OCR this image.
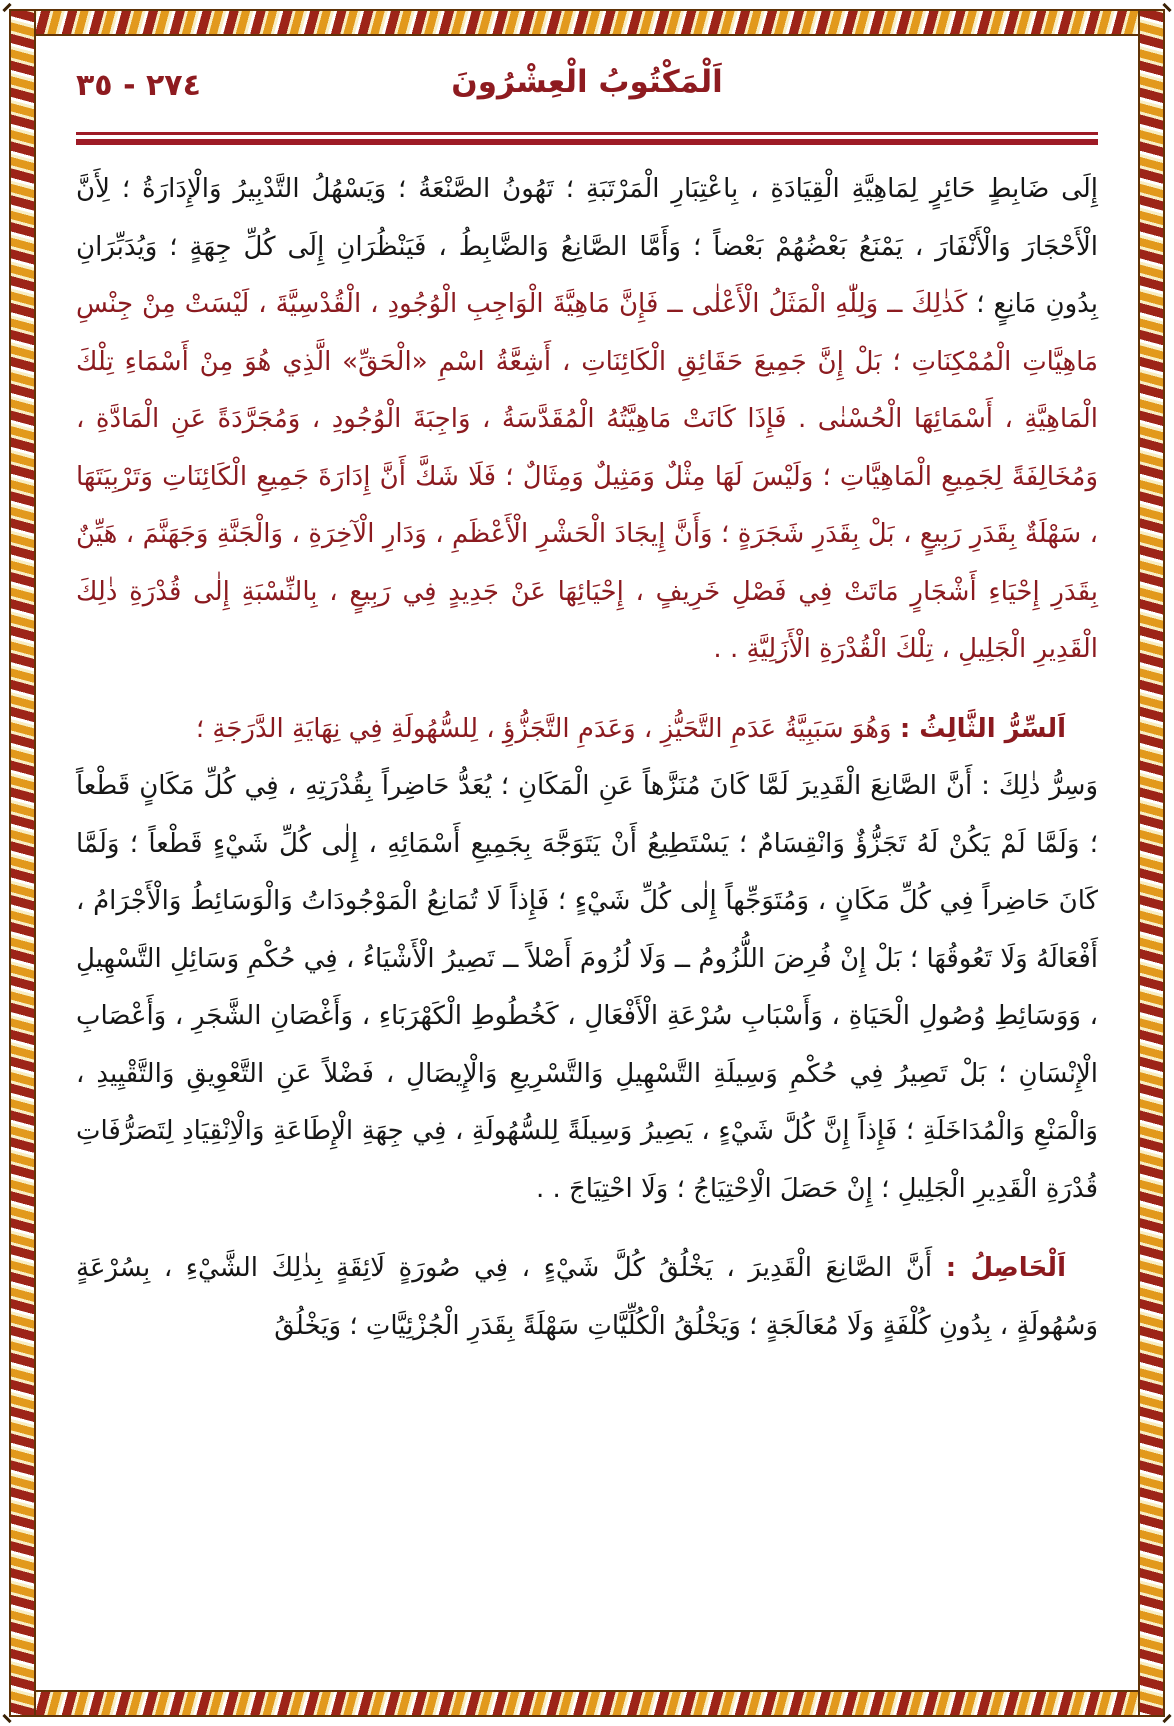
٢٧٤ - ٣٥	اَلْمَكْتُوبُ الْعِشْرُونَ

إِلَى ضَابِطٍ حَائِرٍ لِمَاهِيَّةِ الْقِيَادَةِ ، بِاعْتِبَارِ الْمَرْتَبَةِ ؛ تَهُونُ الصَّنْعَةُ ؛ وَيَسْهُلُ التَّدْبِيرُ وَالْإِدَارَةُ ؛ لِأَنَّ الْأَحْجَارَ وَالْأَنْفَارَ ، يَمْنَعُ بَعْضُهُمْ بَعْضاً ؛ وَأَمَّا الصَّانِعُ وَالضَّابِطُ ، فَيَنْظُرَانِ إِلَى كُلِّ جِهَةٍ ؛ وَيُدَبِّرَانِ بِدُونِ مَانِعٍ ؛ كَذٰلِكَ ــ وَلِلّٰهِ الْمَثَلُ الْأَعْلٰى ــ فَإِنَّ مَاهِيَّةَ الْوَاجِبِ الْوُجُودِ ، الْقُدْسِيَّةَ ، لَيْسَتْ مِنْ جِنْسِ مَاهِيَّاتِ الْمُمْكِنَاتِ ؛ بَلْ إِنَّ جَمِيعَ حَقَائِقِ الْكَائِنَاتِ ، أَشِعَّةُ اسْمِ «الْحَقِّ» الَّذِي هُوَ مِنْ أَسْمَاءِ تِلْكَ الْمَاهِيَّةِ ، أَسْمَائِهَا الْحُسْنٰى . فَإِذَا كَانَتْ مَاهِيَّتُهُ الْمُقَدَّسَةُ ، وَاجِبَةَ الْوُجُودِ ، وَمُجَرَّدَةً عَنِ الْمَادَّةِ ، وَمُخَالِفَةً لِجَمِيعِ الْمَاهِيَّاتِ ؛ وَلَيْسَ لَهَا مِثْلٌ وَمَثِيلٌ وَمِثَالٌ ؛ فَلَا شَكَّ أَنَّ إِدَارَةَ جَمِيعِ الْكَائِنَاتِ وَتَرْبِيَتَهَا ، سَهْلَةٌ بِقَدَرِ رَبِيعٍ ، بَلْ بِقَدَرِ شَجَرَةٍ ؛ وَأَنَّ إِيجَادَ الْحَشْرِ الْأَعْظَمِ ، وَدَارِ الْآخِرَةِ ، وَالْجَنَّةِ وَجَهَنَّمَ ، هَيِّنٌ بِقَدَرِ إِحْيَاءِ أَشْجَارٍ مَاتَتْ فِي فَصْلِ خَرِيفٍ ، إِحْيَائِهَا عَنْ جَدِيدٍ فِي رَبِيعٍ ، بِالنِّسْبَةِ إِلٰى قُدْرَةِ ذٰلِكَ الْقَدِيرِ الْجَلِيلِ ، تِلْكَ الْقُدْرَةِ الْأَزَلِيَّةِ . .

اَلسِّرُّ الثَّالِثُ : وَهُوَ سَبَبِيَّةُ عَدَمِ التَّحَيُّزِ ، وَعَدَمِ التَّجَزُّؤِ ، لِلسُّهُولَةِ فِي نِهَايَةِ الدَّرَجَةِ ؛

وَسِرُّ ذٰلِكَ : أَنَّ الصَّانِعَ الْقَدِيرَ لَمَّا كَانَ مُنَزَّهاً عَنِ الْمَكَانِ ؛ يُعَدُّ حَاضِراً بِقُدْرَتِهِ ، فِي كُلِّ مَكَانٍ قَطْعاً ؛ وَلَمَّا لَمْ يَكُنْ لَهُ تَجَزُّؤٌ وَانْقِسَامٌ ؛ يَسْتَطِيعُ أَنْ يَتَوَجَّهَ بِجَمِيعِ أَسْمَائِهِ ، إِلٰى كُلِّ شَيْءٍ قَطْعاً ؛ وَلَمَّا كَانَ حَاضِراً فِي كُلِّ مَكَانٍ ، وَمُتَوَجِّهاً إِلٰى كُلِّ شَيْءٍ ؛ فَإِذاً لَا تُمَانِعُ الْمَوْجُودَاتُ وَالْوَسَائِطُ وَالْأَجْرَامُ ، أَفْعَالَهُ وَلَا تَعُوقُهَا ؛ بَلْ إِنْ فُرِضَ اللُّزُومُ ــ وَلَا لُزُومَ أَصْلاً ــ تَصِيرُ الْأَشْيَاءُ ، فِي حُكْمِ وَسَائِلِ التَّسْهِيلِ ، وَوَسَائِطِ وُصُولِ الْحَيَاةِ ، وَأَسْبَابِ سُرْعَةِ الْأَفْعَالِ ، كَخُطُوطِ الْكَهْرَبَاءِ ، وَأَغْصَانِ الشَّجَرِ ، وَأَعْصَابِ الْإِنْسَانِ ؛ بَلْ تَصِيرُ فِي حُكْمِ وَسِيلَةِ التَّسْهِيلِ وَالتَّسْرِيعِ وَالْإِيصَالِ ، فَضْلاً عَنِ التَّعْوِيقِ وَالتَّقْيِيدِ ، وَالْمَنْعِ وَالْمُدَاخَلَةِ ؛ فَإِذاً إِنَّ كُلَّ شَيْءٍ ، يَصِيرُ وَسِيلَةً لِلسُّهُولَةِ ، فِي جِهَةِ الْإِطَاعَةِ وَالْاِنْقِيَادِ لِتَصَرُّفَاتِ قُدْرَةِ الْقَدِيرِ الْجَلِيلِ ؛ إِنْ حَصَلَ الْاِحْتِيَاجُ ؛ وَلَا احْتِيَاجَ . .

اَلْحَاصِلُ : أَنَّ الصَّانِعَ الْقَدِيرَ ، يَخْلُقُ كُلَّ شَيْءٍ ، فِي صُورَةٍ لَائِقَةٍ بِذٰلِكَ الشَّيْءِ ، بِسُرْعَةٍ وَسُهُولَةٍ ، بِدُونِ كُلْفَةٍ وَلَا مُعَالَجَةٍ ؛ وَيَخْلُقُ الْكُلِّيَّاتِ سَهْلَةً بِقَدَرِ الْجُزْئِيَّاتِ ؛ وَيَخْلُقُ
